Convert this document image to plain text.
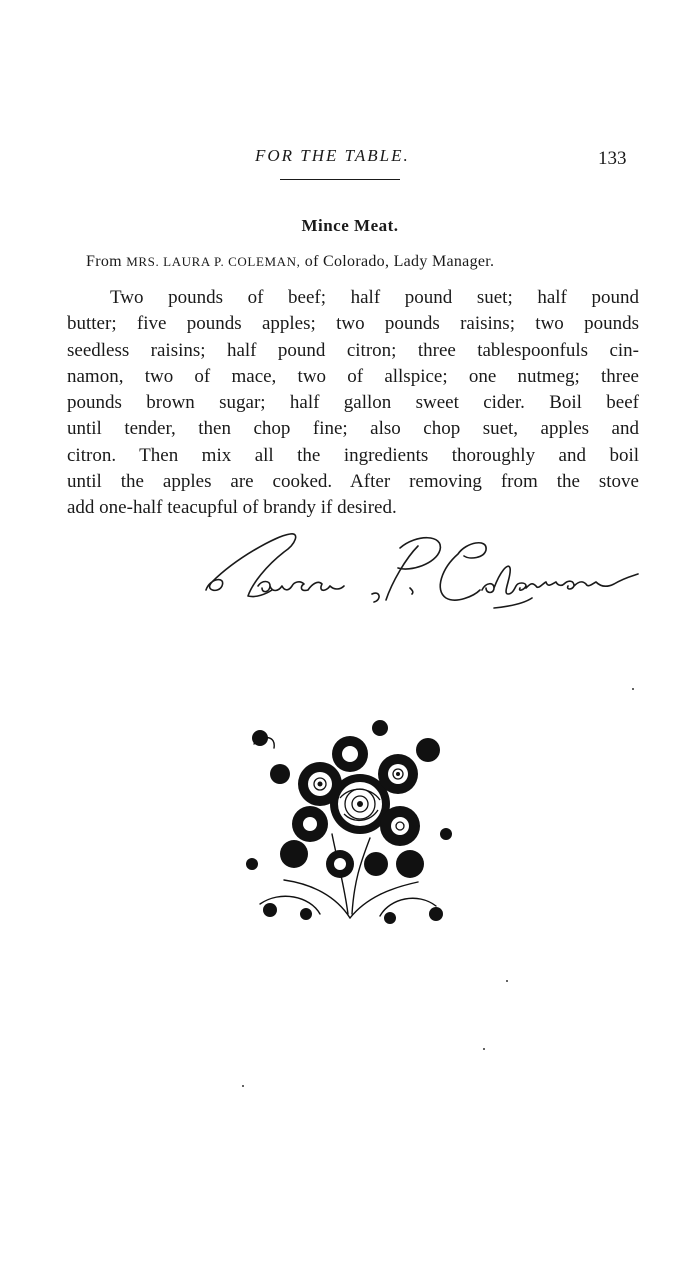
FOR THE TABLE.	133
Mince Meat.
From MRS. LAURA P. COLEMAN, of Colorado, Lady Manager.

Two pounds of beef; half pound suet; half pound
butter; five pounds apples; two pounds raisins; two pounds
seedless raisins; half pound citron; three tablespoonfuls cin-
namon, two of mace, two of allspice; one nutmeg; three
pounds brown sugar; half gallon sweet cider. Boil beef
until tender, then chop fine; also chop suet, apples and
citron. Then mix all the ingredients thoroughly and boil
until the apples are cooked. After removing from the stove
add one-half teacupful of brandy if desired.
